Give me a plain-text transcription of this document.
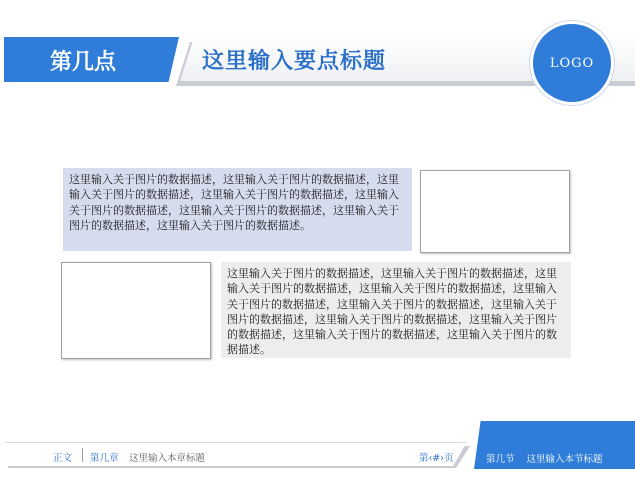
这里输入要点标题
第几点	LOGO
这里输入关于图片的数据描述，这里输入关于图片的数据描述，这里输入关于图片的数据描述，这里输入关于图片的数据描述，这里输入关于图片的数据描述，这里输入关于图片的数据描述，这里输入关于图片的数据描述，这里输入关于图片的数据描述。
这里输入关于图片的数据描述，这里输入关于图片的数据描述，这里输入关于图片的数据描述，这里输入关于图片的数据描述，这里输入关于图片的数据描述，这里输入关于图片的数据描述，这里输入关于图片的数据描述，这里输入关于图片的数据描述，这里输入关于图片的数据描述，这里输入关于图片的数据描述，这里输入关于图片的数据描述。
正文 第几章 这里输入本章标题	第‹#›页	第几节 这里输入本节标题
